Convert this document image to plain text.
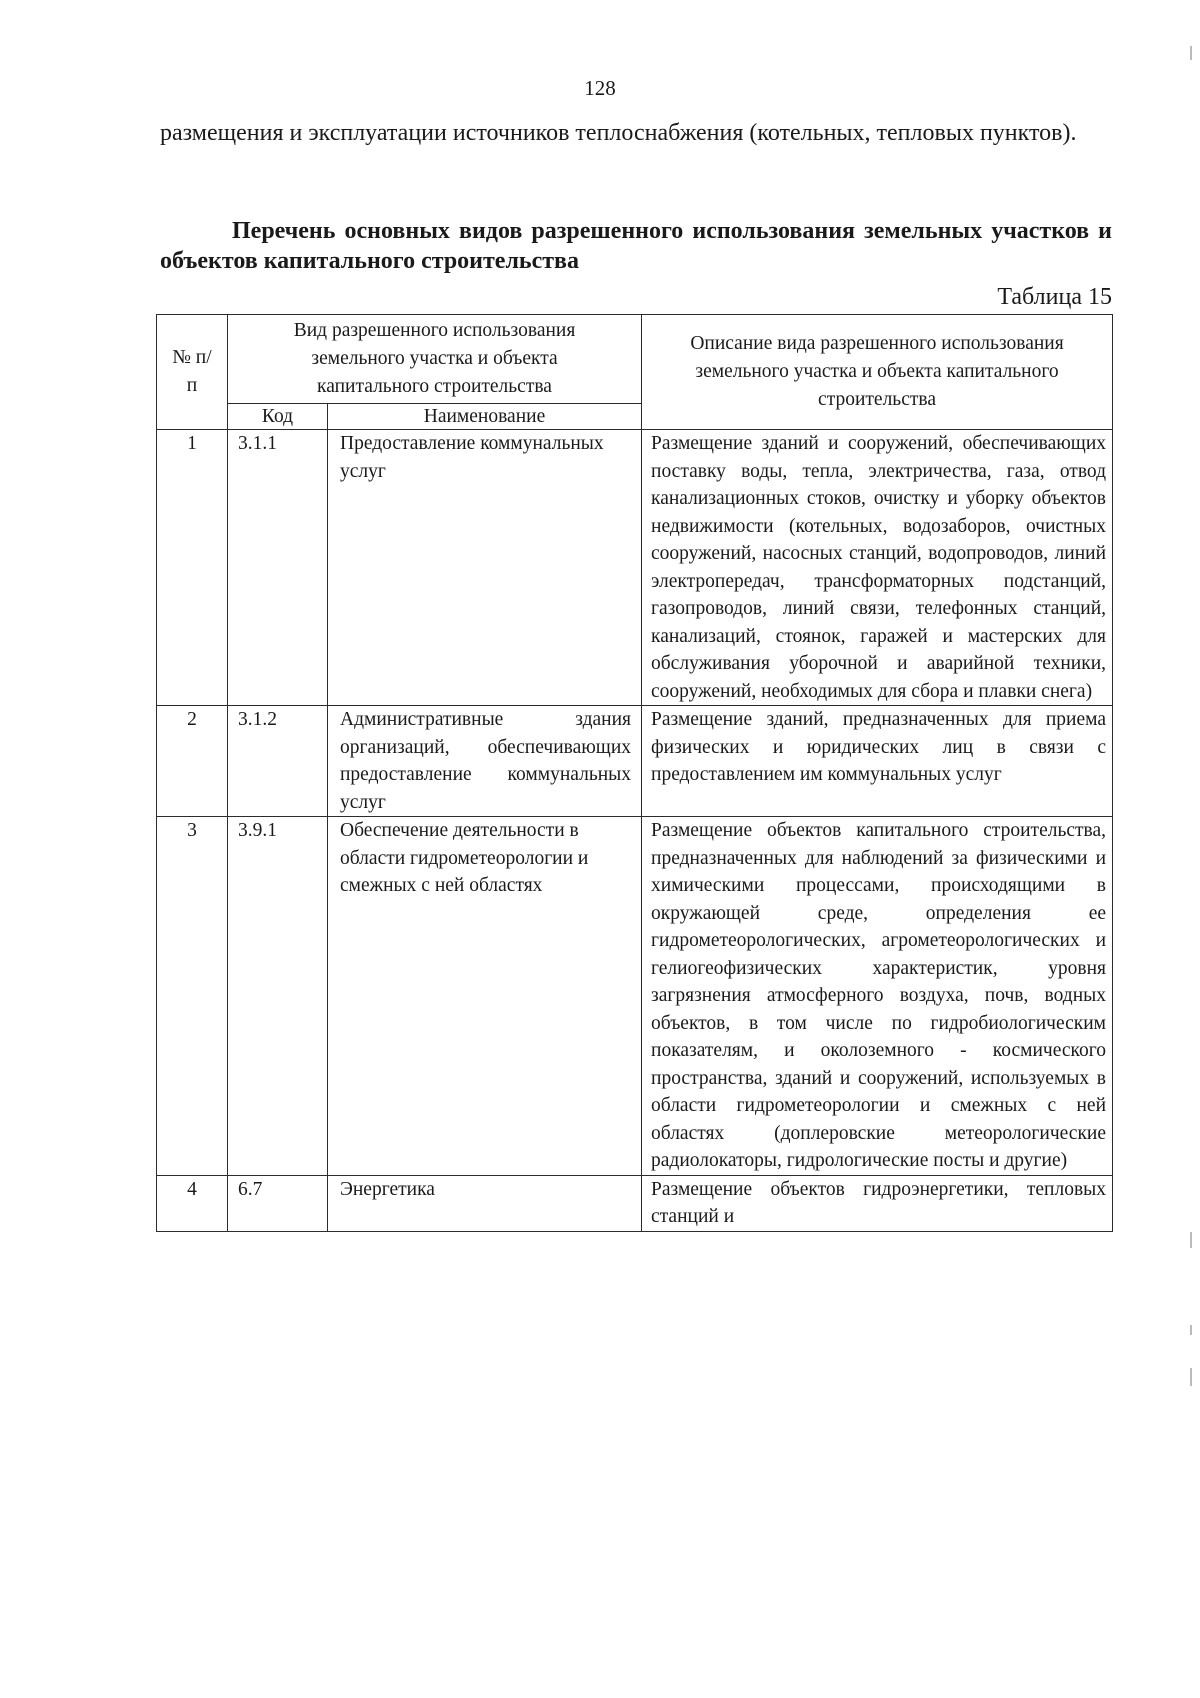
128
размещения и эксплуатации источников теплоснабжения (котельных, тепловых пунктов).
Перечень основных видов разрешенного использования земельных участков и объектов капитального строительства
Таблица 15
№ п/п	Вид разрешенного использования земельного участка и объекта капитального строительства		Описание вида разрешенного использования земельного участка и объекта капитального строительства
	Код	Наименование	
1	3.1.1	Предоставление коммунальных услуг	Размещение зданий и сооружений, обеспечивающих поставку воды, тепла, электричества, газа, отвод канализационных стоков, очистку и уборку объектов недвижимости (котельных, водозаборов, очистных сооружений, насосных станций, водопроводов, линий электропередач, трансформаторных подстанций, газопроводов, линий связи, телефонных станций, канализаций, стоянок, гаражей и мастерских для обслуживания уборочной и аварийной техники, сооружений, необходимых для сбора и плавки снега)
2	3.1.2	Административные здания организаций, обеспечивающих предоставление коммунальных услуг	Размещение зданий, предназначенных для приема физических и юридических лиц в связи с предоставлением им коммунальных услуг
3	3.9.1	Обеспечение деятельности в области гидрометеорологии и смежных с ней областях	Размещение объектов капитального строительства, предназначенных для наблюдений за физическими и химическими процессами, происходящими в окружающей среде, определения ее гидрометеорологических, агрометеорологических и гелиогеофизических характеристик, уровня загрязнения атмосферного воздуха, почв, водных объектов, в том числе по гидробиологическим показателям, и околоземного - космического пространства, зданий и сооружений, используемых в области гидрометеорологии и смежных с ней областях (доплеровские метеорологические радиолокаторы, гидрологические посты и другие)
4	6.7	Энергетика	Размещение объектов гидроэнергетики, тепловых станций и
